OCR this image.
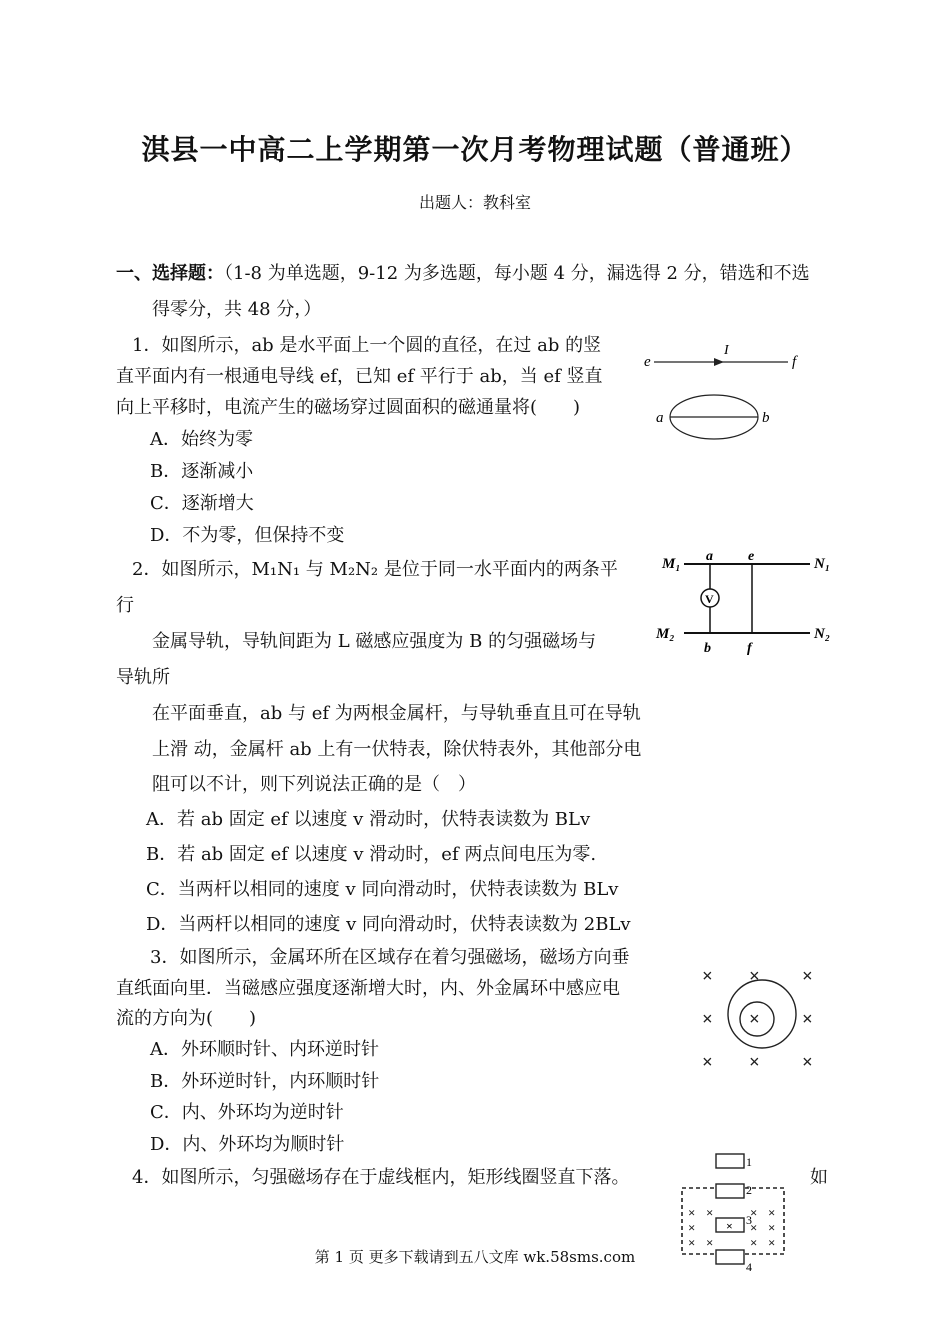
淇县一中高二上学期第一次月考物理试题（普通班）
出题人：教科室
一、选择题：（1-8 为单选题，9-12 为多选题，每小题 4 分，漏选得 2 分，错选和不选
得零分，共 48 分，）
1．如图所示，ab 是水平面上一个圆的直径，在过 ab 的竖
直平面内有一根通电导线 ef，已知 ef 平行于 ab，当 ef 竖直
向上平移时，电流产生的磁场穿过圆面积的磁通量将(　　)
A．始终为零
B．逐渐减小
C．逐渐增大
D．不为零，但保持不变
e
I
f
a	b
2．如图所示，M₁N₁ 与 M₂N₂ 是位于同一水平面内的两条平
行
金属导轨，导轨间距为 L 磁感应强度为 B 的匀强磁场与
导轨所
在平面垂直，ab 与 ef 为两根金属杆，与导轨垂直且可在导轨
上滑 动，金属杆 ab 上有一伏特表，除伏特表外，其他部分电
阻可以不计，则下列说法正确的是（　）
A．若 ab 固定 ef 以速度 v 滑动时，伏特表读数为 BLv
B．若 ab 固定 ef 以速度 v 滑动时，ef 两点间电压为零.
C．当两杆以相同的速度 v 同向滑动时，伏特表读数为 BLv
D．当两杆以相同的速度 v 同向滑动时，伏特表读数为 2BLv
M₁	N₁
M₂	N₂
V
a	e
b	f
3．如图所示，金属环所在区域存在着匀强磁场，磁场方向垂
直纸面向里．当磁感应强度逐渐增大时，内、外金属环中感应电
流的方向为(　　)
A．外环顺时针、内环逆时针
B．外环逆时针，内环顺时针
C．内、外环均为逆时针
D．内、外环均为顺时针
× × ×
× × ×
× × ×
4．如图所示，匀强磁场存在于虚线框内，矩形线圈竖直下落。	如
× ×	× ×
×	× ×
× ×	× ×
1
2
× 3
4
第 1 页 更多下载请到五八文库 wk.58sms.com
